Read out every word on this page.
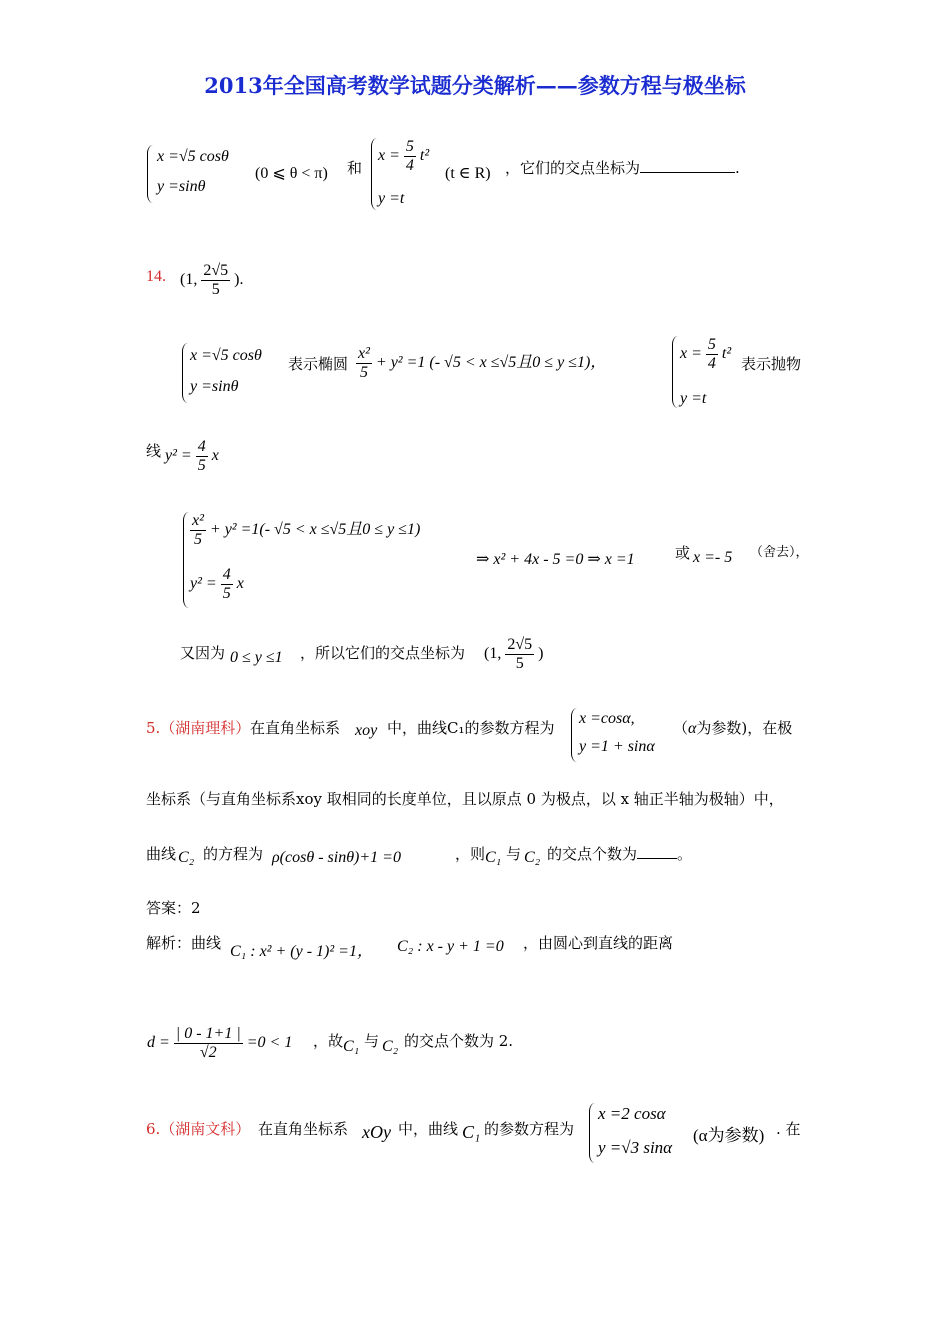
2013年全国高考数学试题分类解析——参数方程与极坐标
x =√5 cosθ
y =sinθ
(0 ⩽ θ < π) 和
$x = \frac{5}{4} t^2$
(t ∈ R)
y =t
，它们的交点坐标为	.
14. (1, $\frac{2√5}{5}$ ).
x =√5 cosθ
y =sinθ
表示椭圆 $\frac{\text{x²}}{5} + y^2 =1$ (- √5 < x ≤√5且0 ≤ y ≤1)，
$x = \frac{5}{4} t^2$
y =t
表示抛物
线 $y^2 = \frac{4}{5}$ x
$\frac{\text{x²}}{5} + y^2 =1(-$ √5 < x ≤√5且0 ≤ y ≤1)
$y^2 = \frac{4}{5}$ x
⇒ x² + 4x - 5 =0 ⇒ x =1	或 x =- 5 （舍去），
又因为 0 ≤ y ≤1 ，所以它们的交点坐标为 (1, $\frac{2√5}{5}$ )
5.（湖南理科） 在直角坐标系 xoy 中，曲线C₁的参数方程为
x =cosα,
y =1 + sinα
（α为参数)，在极
坐标系（与直角坐标系xoy 取相同的长度单位，且以原点 0 为极点，以 x 轴正半轴为极轴）中，
曲线 C₂ 的方程为 ρ(cosθ - sinθ)+1 =0	，则 C₁ 与 C₂ 的交点个数为	。
答案：2
解析：曲线 C₁ : x² + (y - 1)² =1， C₂ : x - y + 1 =0 ，由圆心到直线的距离
$d = \frac{| 0 - 1+1 |}{√2} =0 < 1$ ，故 C₁ 与 C₂ 的交点个数为 2.
6.（湖南文科） 在直角坐标系 xOy 中，曲线 C₁ 的参数方程为
x =2 cosα
y =√3 sinα
(α为参数) . 在
